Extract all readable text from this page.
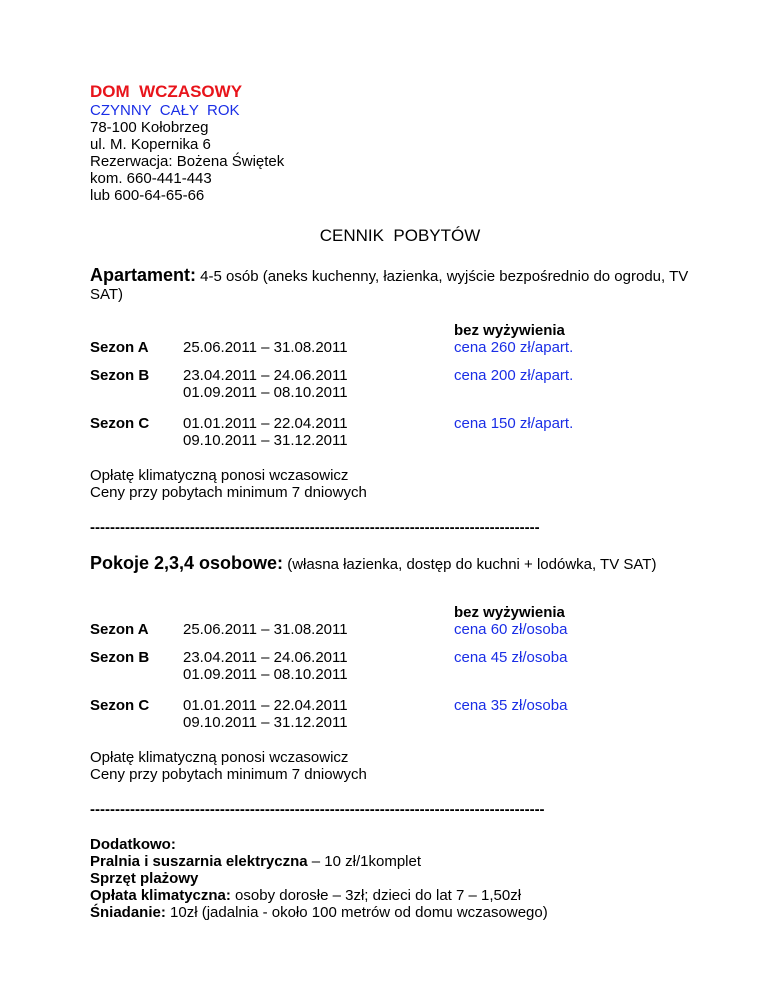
DOM  WCZASOWY
CZYNNY  CAŁY  ROK
78-100 Kołobrzeg
ul. M. Kopernika 6
Rezerwacja: Bożena Świętek
kom. 660-441-443
lub 600-64-65-66
CENNIK  POBYTÓW
Apartament: 4-5 osób (aneks kuchenny, łazienka, wyjście bezpośrednio do ogrodu, TV SAT)
Sezon A 25.06.2011 – 31.08.2011
bez wyżywienia
cena 260 zł/apart.
Sezon B 23.04.2011 – 24.06.2011
01.09.2011 – 08.10.2011
cena 200 zł/apart.
Sezon C 01.01.2011 – 22.04.2011
09.10.2011 – 31.12.2011
cena 150 zł/apart.
Opłatę klimatyczną ponosi wczasowicz
Ceny przy pobytach minimum 7 dniowych
------------------------------------------------------------------------------------------
Pokoje 2,3,4 osobowe: (własna łazienka, dostęp do kuchni + lodówka, TV SAT)
Sezon A 25.06.2011 – 31.08.2011
bez wyżywienia
cena 60 zł/osoba
Sezon B 23.04.2011 – 24.06.2011
01.09.2011 – 08.10.2011
cena 45 zł/osoba
Sezon C 01.01.2011 – 22.04.2011
09.10.2011 – 31.12.2011
cena 35 zł/osoba
Opłatę klimatyczną ponosi wczasowicz
Ceny przy pobytach minimum 7 dniowych
-------------------------------------------------------------------------------------------
Dodatkowo:
Pralnia i suszarnia elektryczna – 10 zł/1komplet
Sprzęt plażowy
Opłata klimatyczna: osoby dorosłe – 3zł; dzieci do lat 7 – 1,50zł
Śniadanie: 10zł (jadalnia - około 100 metrów od domu wczasowego)
